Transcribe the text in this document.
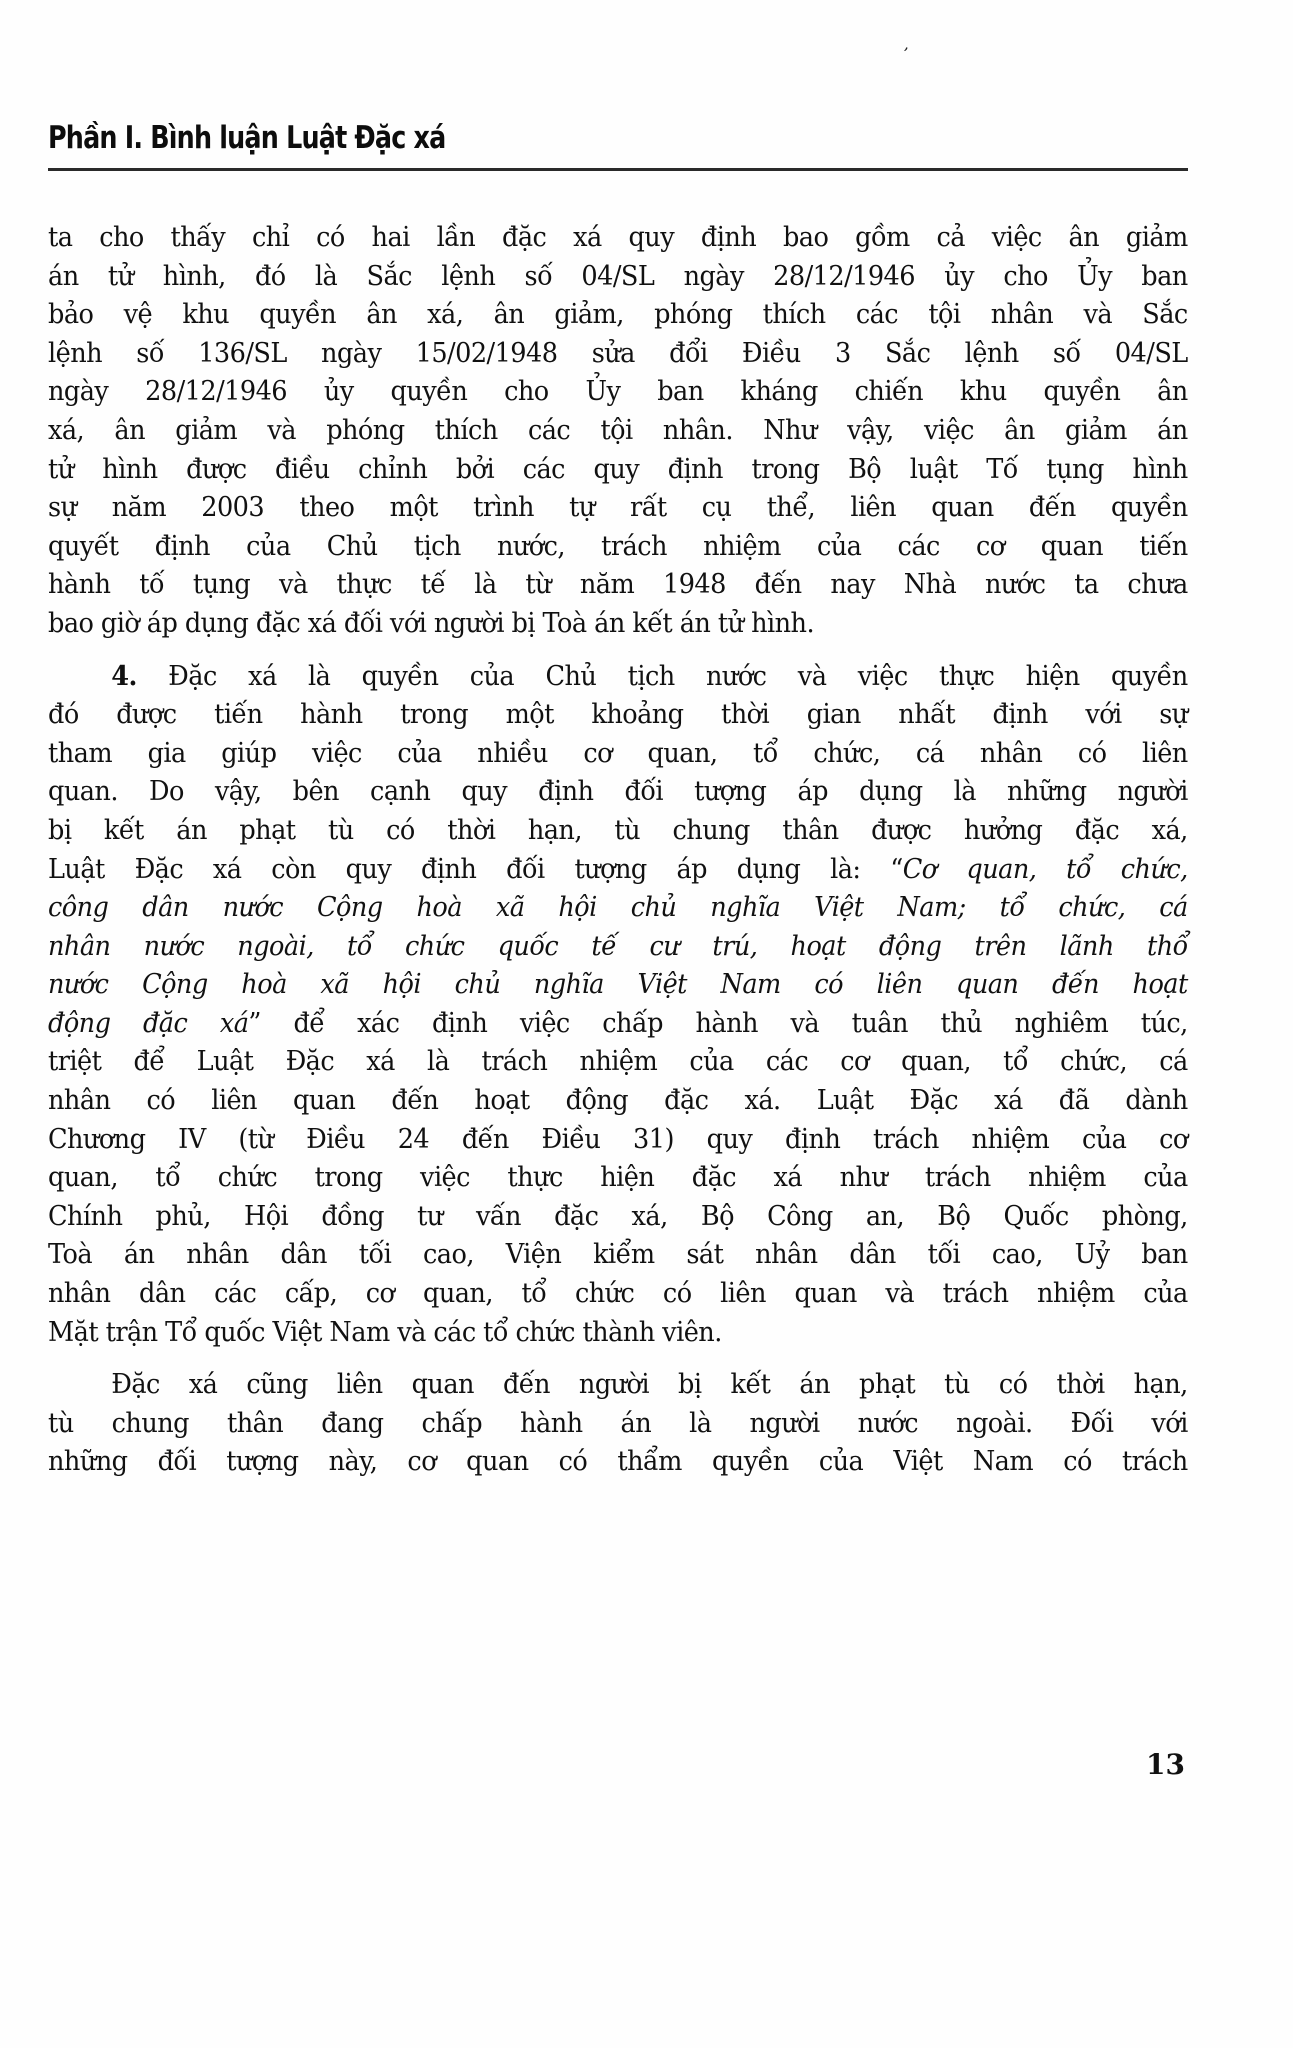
ʼ
Phần I. Bình luận Luật Đặc xá
ta cho thấy chỉ có hai lần đặc xá quy định bao gồm cả việc ân giảm
án tử hình, đó là Sắc lệnh số 04/SL ngày 28/12/1946 ủy cho Ủy ban
bảo vệ khu quyền ân xá, ân giảm, phóng thích các tội nhân và Sắc
lệnh số 136/SL ngày 15/02/1948 sửa đổi Điều 3 Sắc lệnh số 04/SL
ngày 28/12/1946 ủy quyền cho Ủy ban kháng chiến khu quyền ân
xá, ân giảm và phóng thích các tội nhân. Như vậy, việc ân giảm án
tử hình được điều chỉnh bởi các quy định trong Bộ luật Tố tụng hình
sự năm 2003 theo một trình tự rất cụ thể, liên quan đến quyền
quyết định của Chủ tịch nước, trách nhiệm của các cơ quan tiến
hành tố tụng và thực tế là từ năm 1948 đến nay Nhà nước ta chưa
bao giờ áp dụng đặc xá đối với người bị Toà án kết án tử hình.
4. Đặc xá là quyền của Chủ tịch nước và việc thực hiện quyền
đó được tiến hành trong một khoảng thời gian nhất định với sự
tham gia giúp việc của nhiều cơ quan, tổ chức, cá nhân có liên
quan. Do vậy, bên cạnh quy định đối tượng áp dụng là những người
bị kết án phạt tù có thời hạn, tù chung thân được hưởng đặc xá,
Luật Đặc xá còn quy định đối tượng áp dụng là: “Cơ quan, tổ chức,
công dân nước Cộng hoà xã hội chủ nghĩa Việt Nam; tổ chức, cá
nhân nước ngoài, tổ chức quốc tế cư trú, hoạt động trên lãnh thổ
nước Cộng hoà xã hội chủ nghĩa Việt Nam có liên quan đến hoạt
động đặc xá” để xác định việc chấp hành và tuân thủ nghiêm túc,
triệt để Luật Đặc xá là trách nhiệm của các cơ quan, tổ chức, cá
nhân có liên quan đến hoạt động đặc xá. Luật Đặc xá đã dành
Chương IV (từ Điều 24 đến Điều 31) quy định trách nhiệm của cơ
quan, tổ chức trong việc thực hiện đặc xá như trách nhiệm của
Chính phủ, Hội đồng tư vấn đặc xá, Bộ Công an, Bộ Quốc phòng,
Toà án nhân dân tối cao, Viện kiểm sát nhân dân tối cao, Uỷ ban
nhân dân các cấp, cơ quan, tổ chức có liên quan và trách nhiệm của
Mặt trận Tổ quốc Việt Nam và các tổ chức thành viên.
Đặc xá cũng liên quan đến người bị kết án phạt tù có thời hạn,
tù chung thân đang chấp hành án là người nước ngoài. Đối với
những đối tượng này, cơ quan có thẩm quyền của Việt Nam có trách
13
